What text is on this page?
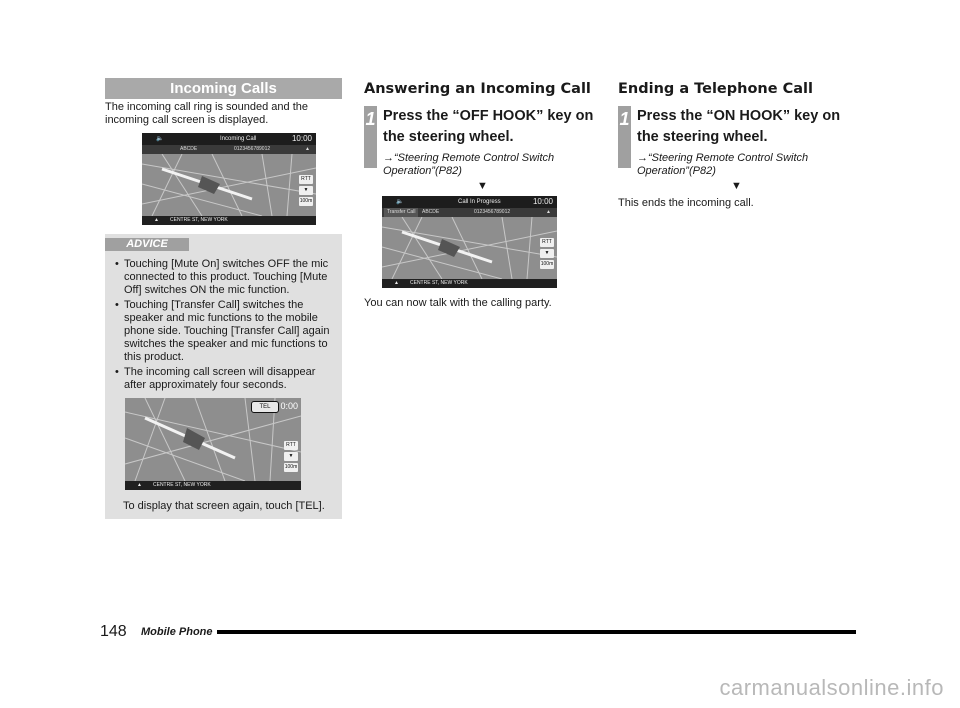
Incoming Calls

The incoming call ring is sounded and the incoming call screen is displayed.

🔈	Incoming Call	10:00
ABCDE	0123456789012	▲
RTT
▼
100m
▲ CENTRE ST, NEW YORK
ADVICE
• Touching [Mute On] switches OFF the mic connected to this product. Touching [Mute Off] switches ON the mic function.
• Touching [Transfer Call] switches the speaker and mic functions to the mobile phone side. Touching [Transfer Call] again switches the speaker and mic functions to this product.
• The incoming call screen will disappear after approximately four seconds.
TEL	0:00
RTT
▼
100m
▲ CENTRE ST, NEW YORK

To display that screen again, touch [TEL].

Answering an Incoming Call
1 Press the “OFF HOOK” key on the steering wheel.
→“Steering Remote Control Switch Operation”(P82)
▼
🔈	Call In Progress	10:00
Transfer Call	ABCDE	0123456789012	▲
RTT
▼
100m
▲ CENTRE ST, NEW YORK

You can now talk with the calling party.

Ending a Telephone Call
1 Press the “ON HOOK” key on the steering wheel.
→“Steering Remote Control Switch Operation”(P82)
▼

This ends the incoming call.

148 Mobile Phone
carmanualsonline.info
